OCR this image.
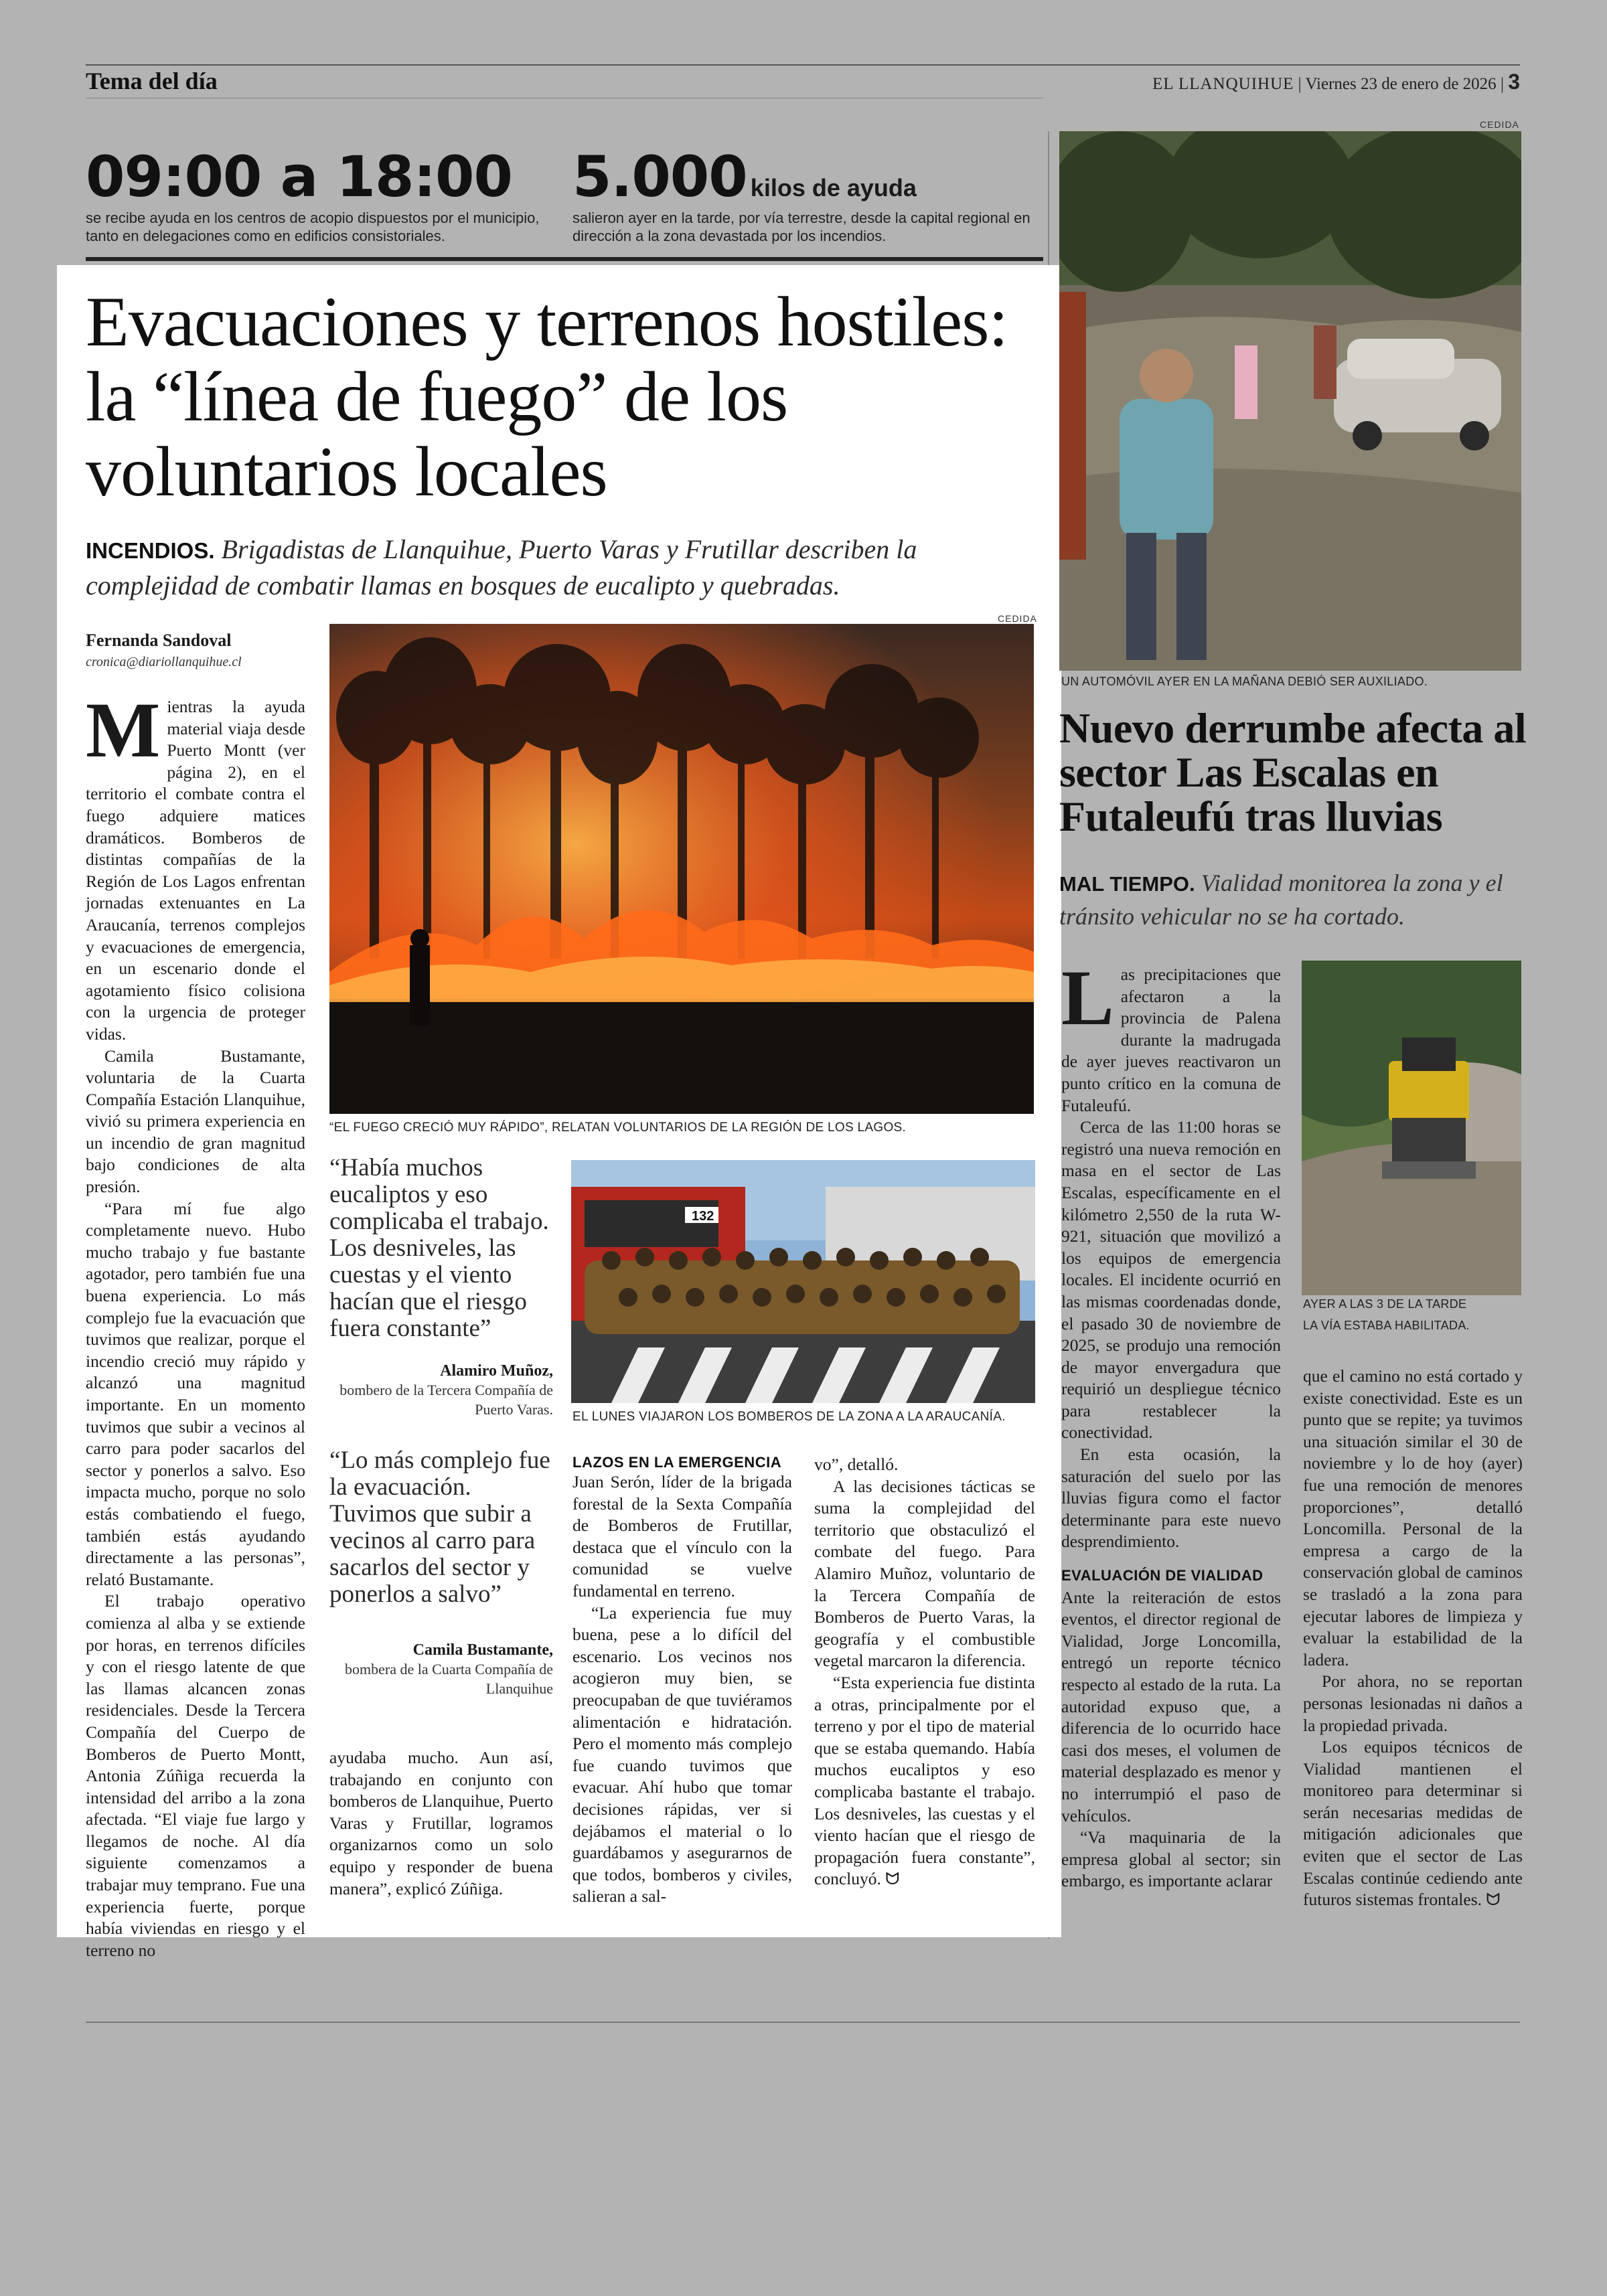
Tema del día	EL LLANQUIHUE | Viernes 23 de enero de 2026 | 3
09:00 a 18:00
se recibe ayuda en los centros de acopio dispuestos por el municipio, tanto en delegaciones como en edificios consistoriales.
5.000 kilos de ayuda
salieron ayer en la tarde, por vía terrestre, desde la capital regional en dirección a la zona devastada por los incendios.
Evacuaciones y terrenos hostiles: la “línea de fuego” de los voluntarios locales
INCENDIOS. Brigadistas de Llanquihue, Puerto Varas y Frutillar describen la complejidad de combatir llamas en bosques de eucalipto y quebradas.
Fernanda Sandoval
cronica@diariollanquihue.cl

Mientras la ayuda material viaja desde Puerto Montt (ver página 2), en el territorio el combate contra el fuego adquiere matices dramáticos. Bomberos de distintas compañías de la Región de Los Lagos enfrentan jornadas extenuantes en La Araucanía, terrenos complejos y evacuaciones de emergencia, en un escenario donde el agotamiento físico colisiona con la urgencia de proteger vidas.

Camila Bustamante, voluntaria de la Cuarta Compañía Estación Llanquihue, vivió su primera experiencia en un incendio de gran magnitud bajo condiciones de alta presión.

“Para mí fue algo completamente nuevo. Hubo mucho trabajo y fue bastante agotador, pero también fue una buena experiencia. Lo más complejo fue la evacuación que tuvimos que realizar, porque el incendio creció muy rápido y alcanzó una magnitud importante. En un momento tuvimos que subir a vecinos al carro para poder sacarlos del sector y ponerlos a salvo. Eso impacta mucho, porque no solo estás combatiendo el fuego, también estás ayudando directamente a las personas”, relató Bustamante.

El trabajo operativo comienza al alba y se extiende por horas, en terrenos difíciles y con el riesgo latente de que las llamas alcancen zonas residenciales. Desde la Tercera Compañía del Cuerpo de Bomberos de Puerto Montt, Antonia Zúñiga recuerda la intensidad del arribo a la zona afectada. “El viaje fue largo y llegamos de noche. Al día siguiente comenzamos a trabajar muy temprano. Fue una experiencia fuerte, porque había viviendas en riesgo y el terreno no

CEDIDA
“EL FUEGO CRECIÓ MUY RÁPIDO”, RELATAN VOLUNTARIOS DE LA REGIÓN DE LOS LAGOS.
“Había muchos eucaliptos y eso complicaba el trabajo. Los desniveles, las cuestas y el viento hacían que el riesgo fuera constante”
Alamiro Muñoz,
bombero de la Tercera Compañía de Puerto Varas.
132
EL LUNES VIAJARON LOS BOMBEROS DE LA ZONA A LA ARAUCANÍA.
“Lo más complejo fue la evacuación. Tuvimos que subir a vecinos al carro para sacarlos del sector y ponerlos a salvo”
Camila Bustamante,
bombera de la Cuarta Compañía de Llanquihue

ayudaba mucho. Aun así, trabajando en conjunto con bomberos de Llanquihue, Puerto Varas y Frutillar, logramos organizarnos como un solo equipo y responder de buena manera”, explicó Zúñiga.

LAZOS EN LA EMERGENCIA

Juan Serón, líder de la brigada forestal de la Sexta Compañía de Bomberos de Frutillar, destaca que el vínculo con la comunidad se vuelve fundamental en terreno.

“La experiencia fue muy buena, pese a lo difícil del escenario. Los vecinos nos acogieron muy bien, se preocupaban de que tuviéramos alimentación e hidratación. Pero el momento más complejo fue cuando tuvimos que evacuar. Ahí hubo que tomar decisiones rápidas, ver si dejábamos el material o lo guardábamos y asegurarnos de que todos, bomberos y civiles, salieran a sal-

vo”, detalló.

A las decisiones tácticas se suma la complejidad del territorio que obstaculizó el combate del fuego. Para Alamiro Muñoz, voluntario de la Tercera Compañía de Bomberos de Puerto Varas, la geografía y el combustible vegetal marcaron la diferencia.

“Esta experiencia fue distinta a otras, principalmente por el terreno y por el tipo de material que se estaba quemando. Había muchos eucaliptos y eso complicaba bastante el trabajo. Los desniveles, las cuestas y el viento hacían que el riesgo de propagación fuera constante”, concluyó. ᗢ

CEDIDA
UN AUTOMÓVIL AYER EN LA MAÑANA DEBIÓ SER AUXILIADO.
Nuevo derrumbe afecta al sector Las Escalas en Futaleufú tras lluvias
MAL TIEMPO. Vialidad monitorea la zona y el tránsito vehicular no se ha cortado.

Las precipitaciones que afectaron a la provincia de Palena durante la madrugada de ayer jueves reactivaron un punto crítico en la comuna de Futaleufú.

Cerca de las 11:00 horas se registró una nueva remoción en masa en el sector de Las Escalas, específicamente en el kilómetro 2,550 de la ruta W-921, situación que movilizó a los equipos de emergencia locales. El incidente ocurrió en las mismas coordenadas donde, el pasado 30 de noviembre de 2025, se produjo una remoción de mayor envergadura que requirió un despliegue técnico para restablecer la conectividad.

En esta ocasión, la saturación del suelo por las lluvias figura como el factor determinante para este nuevo desprendimiento.

EVALUACIÓN DE VIALIDAD

Ante la reiteración de estos eventos, el director regional de Vialidad, Jorge Loncomilla, entregó un reporte técnico respecto al estado de la ruta. La autoridad expuso que, a diferencia de lo ocurrido hace casi dos meses, el volumen de material desplazado es menor y no interrumpió el paso de vehículos.

“Va maquinaria de la empresa global al sector; sin embargo, es importante aclarar

AYER A LAS 3 DE LA TARDE
LA VÍA ESTABA HABILITADA.

que el camino no está cortado y existe conectividad. Este es un punto que se repite; ya tuvimos una situación similar el 30 de noviembre y lo de hoy (ayer) fue una remoción de menores proporciones”, detalló Loncomilla. Personal de la empresa a cargo de la conservación global de caminos se trasladó a la zona para ejecutar labores de limpieza y evaluar la estabilidad de la ladera.

Por ahora, no se reportan personas lesionadas ni daños a la propiedad privada.

Los equipos técnicos de Vialidad mantienen el monitoreo para determinar si serán necesarias medidas de mitigación adicionales que eviten que el sector de Las Escalas continúe cediendo ante futuros sistemas frontales. ᗢ
